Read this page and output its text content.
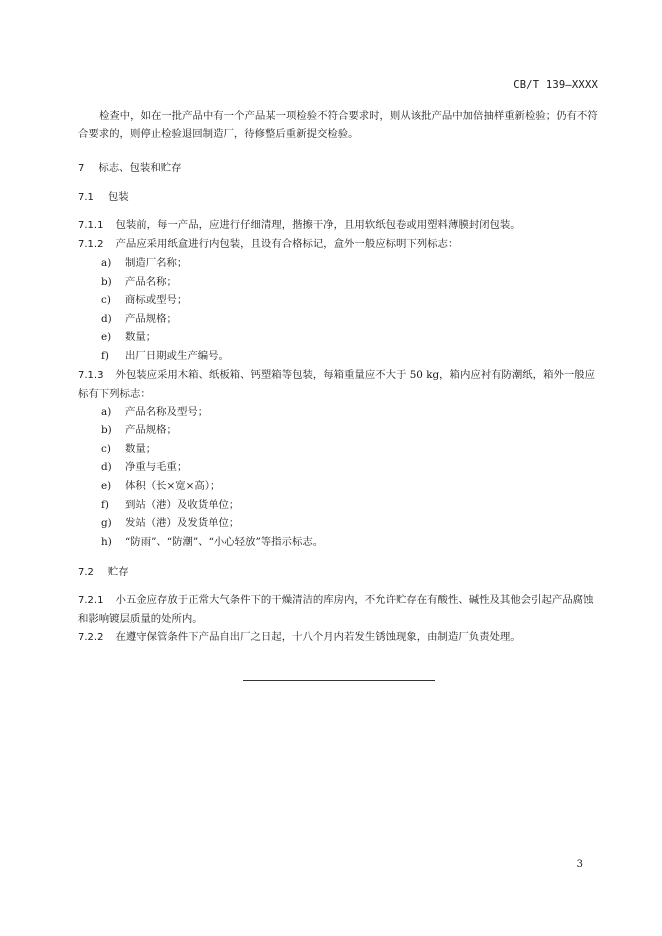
CB/T 139—XXXX
检查中，如在一批产品中有一个产品某一项检验不符合要求时，则从该批产品中加倍抽样重新检验；仍有不符合要求的，则停止检验退回制造厂，待修整后重新提交检验。
7 标志、包装和贮存
7.1 包装
7.1.1 包装前，每一产品，应进行仔细清理，揩擦干净，且用软纸包卷或用塑料薄膜封闭包装。
7.1.2 产品应采用纸盒进行内包装，且设有合格标记，盒外一般应标明下列标志：
a) 制造厂名称；
b) 产品名称；
c) 商标或型号；
d) 产品规格；
e) 数量；
f) 出厂日期或生产编号。
7.1.3 外包装应采用木箱、纸板箱、钙塑箱等包装，每箱重量应不大于 50 kg，箱内应衬有防潮纸，箱外一般应标有下列标志：
a) 产品名称及型号；
b) 产品规格；
c) 数量；
d) 净重与毛重；
e) 体积（长×宽×高）；
f) 到站（港）及收货单位；
g) 发站（港）及发货单位；
h) “防雨”、“防潮”、“小心轻放”等指示标志。
7.2 贮存
7.2.1 小五金应存放于正常大气条件下的干燥清洁的库房内，不允许贮存在有酸性、碱性及其他会引起产品腐蚀和影响镀层质量的处所内。
7.2.2 在遵守保管条件下产品自出厂之日起，十八个月内若发生锈蚀现象，由制造厂负责处理。
3
